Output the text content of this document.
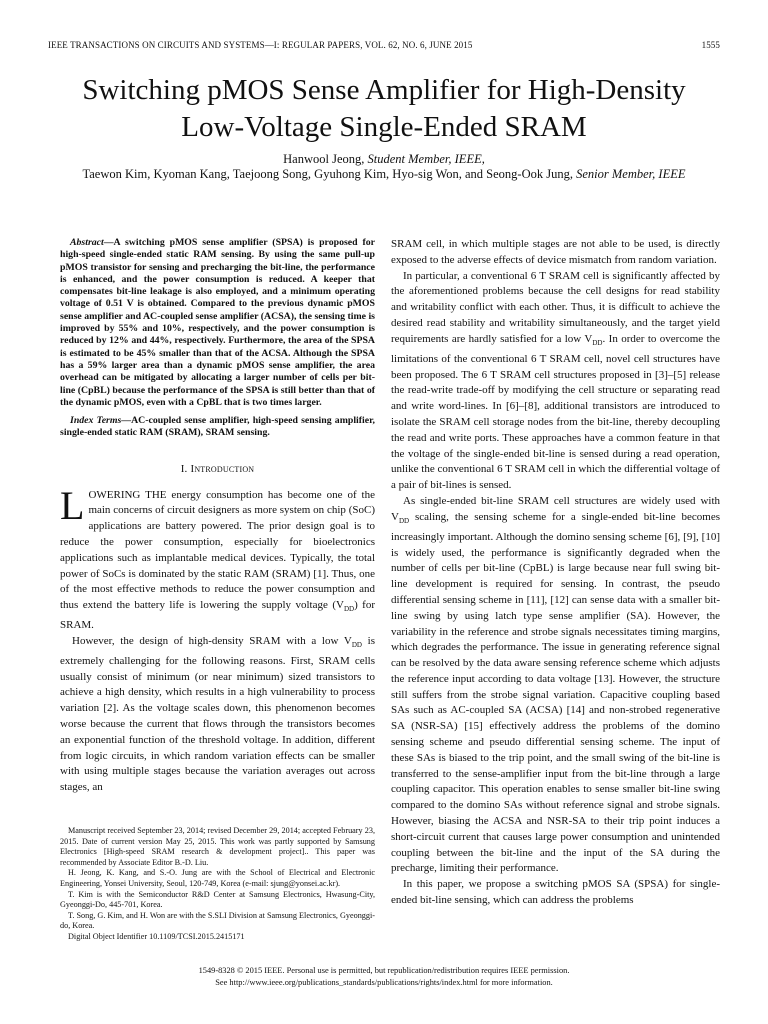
IEEE TRANSACTIONS ON CIRCUITS AND SYSTEMS—I: REGULAR PAPERS, VOL. 62, NO. 6, JUNE 2015	1555
Switching pMOS Sense Amplifier for High-Density
Low-Voltage Single-Ended SRAM
Hanwool Jeong, Student Member, IEEE,
Taewon Kim, Kyoman Kang, Taejoong Song, Gyuhong Kim, Hyo-sig Won, and Seong-Ook Jung, Senior Member, IEEE

Abstract—A switching pMOS sense amplifier (SPSA) is proposed for high-speed single-ended static RAM sensing. By using the same pull-up pMOS transistor for sensing and precharging the bit-line, the performance is enhanced, and the power consumption is reduced. A keeper that compensates bit-line leakage is also employed, and a minimum operating voltage of 0.51 V is obtained. Compared to the previous dynamic pMOS sense amplifier and AC-coupled sense amplifier (ACSA), the sensing time is improved by 55% and 10%, respectively, and the power consumption is reduced by 12% and 44%, respectively. Furthermore, the area of the SPSA is estimated to be 45% smaller than that of the ACSA. Although the SPSA has a 59% larger area than a dynamic pMOS sense amplifier, the area overhead can be mitigated by allocating a larger number of cells per bit-line (CpBL) because the performance of the SPSA is still better than that of the dynamic pMOS, even with a CpBL that is two times larger.

Index Terms—AC-coupled sense amplifier, high-speed sensing amplifier, single-ended static RAM (SRAM), SRAM sensing.

I. Introduction

LOWERING THE energy consumption has become one of the main concerns of circuit designers as more system on chip (SoC) applications are battery powered. The prior design goal is to reduce the power consumption, especially for bioelectronics applications such as implantable medical devices. Typically, the total power of SoCs is dominated by the static RAM (SRAM) [1]. Thus, one of the most effective methods to reduce the power consumption and thus extend the battery life is lowering the supply voltage $(V_{DD})$ for SRAM.

However, the design of high-density SRAM with a low $V_{DD}$ is extremely challenging for the following reasons. First, SRAM cells usually consist of minimum (or near minimum) sized transistors to achieve a high density, which results in a high vulnerability to process variation [2]. As the voltage scales down, this phenomenon becomes worse because the current that flows through the transistors becomes an exponential function of the threshold voltage. In addition, different from logic circuits, in which random variation effects can be smaller with using multiple stages because the variation averages out across stages, an

Manuscript received September 23, 2014; revised December 29, 2014; accepted February 23, 2015. Date of current version May 25, 2015. This work was partly supported by Samsung Electronics [High-speed SRAM research & development project].. This paper was recommended by Associate Editor B.-D. Liu.

H. Jeong, K. Kang, and S.-O. Jung are with the School of Electrical and Electronic Engineering, Yonsei University, Seoul, 120-749, Korea (e-mail: sjung@yonsei.ac.kr).

T. Kim is with the Semiconductor R&D Center at Samsung Electronics, Hwasung-City, Gyeonggi-Do, 445-701, Korea.

T. Song, G. Kim, and H. Won are with the S.SLI Division at Samsung Electronics, Gyeonggi-do, Korea.

Digital Object Identifier 10.1109/TCSI.2015.2415171

SRAM cell, in which multiple stages are not able to be used, is directly exposed to the adverse effects of device mismatch from random variation.

In particular, a conventional 6 T SRAM cell is significantly affected by the aforementioned problems because the cell designs for read stability and writability conflict with each other. Thus, it is difficult to achieve the desired read stability and writability simultaneously, and the target yield requirements are hardly satisfied for a low $V_{DD}$. In order to overcome the limitations of the conventional 6 T SRAM cell, novel cell structures have been proposed. The 6 T SRAM cell structures proposed in [3]–[5] release the read-write trade-off by modifying the cell structure or separating read and write word-lines. In [6]–[8], additional transistors are introduced to isolate the SRAM cell storage nodes from the bit-line, thereby decoupling the read and write ports. These approaches have a common feature in that the voltage of the single-ended bit-line is sensed during a read operation, unlike the conventional 6 T SRAM cell in which the differential voltage of a pair of bit-lines is sensed.

As single-ended bit-line SRAM cell structures are widely used with $V_{DD}$ scaling, the sensing scheme for a single-ended bit-line becomes increasingly important. Although the domino sensing scheme [6], [9], [10] is widely used, the performance is significantly degraded when the number of cells per bit-line (CpBL) is large because near full swing bit-line development is required for sensing. In contrast, the pseudo differential sensing scheme in [11], [12] can sense data with a smaller bit-line swing by using latch type sense amplifier (SA). However, the variability in the reference and strobe signals necessitates timing margins, which degrades the performance. The issue in generating reference signal can be resolved by the data aware sensing reference scheme which adjusts the reference input according to data voltage [13]. However, the structure still suffers from the strobe signal variation. Capacitive coupling based SAs such as AC-coupled SA (ACSA) [14] and non-strobed regenerative SA (NSR-SA) [15] effectively address the problems of the domino sensing scheme and pseudo differential sensing scheme. The input of these SAs is biased to the trip point, and the small swing of the bit-line is transferred to the sense-amplifier input from the bit-line through a large coupling capacitor. This operation enables to sense smaller bit-line swing compared to the domino SAs without reference signal and strobe signals. However, biasing the ACSA and NSR-SA to their trip point induces a short-circuit current that causes large power consumption and unintended coupling between the bit-line and the input of the SA during the precharge, limiting their performance.

In this paper, we propose a switching pMOS SA (SPSA) for single-ended bit-line sensing, which can address the problems

1549-8328 © 2015 IEEE. Personal use is permitted, but republication/redistribution requires IEEE permission.
See http://www.ieee.org/publications_standards/publications/rights/index.html for more information.
